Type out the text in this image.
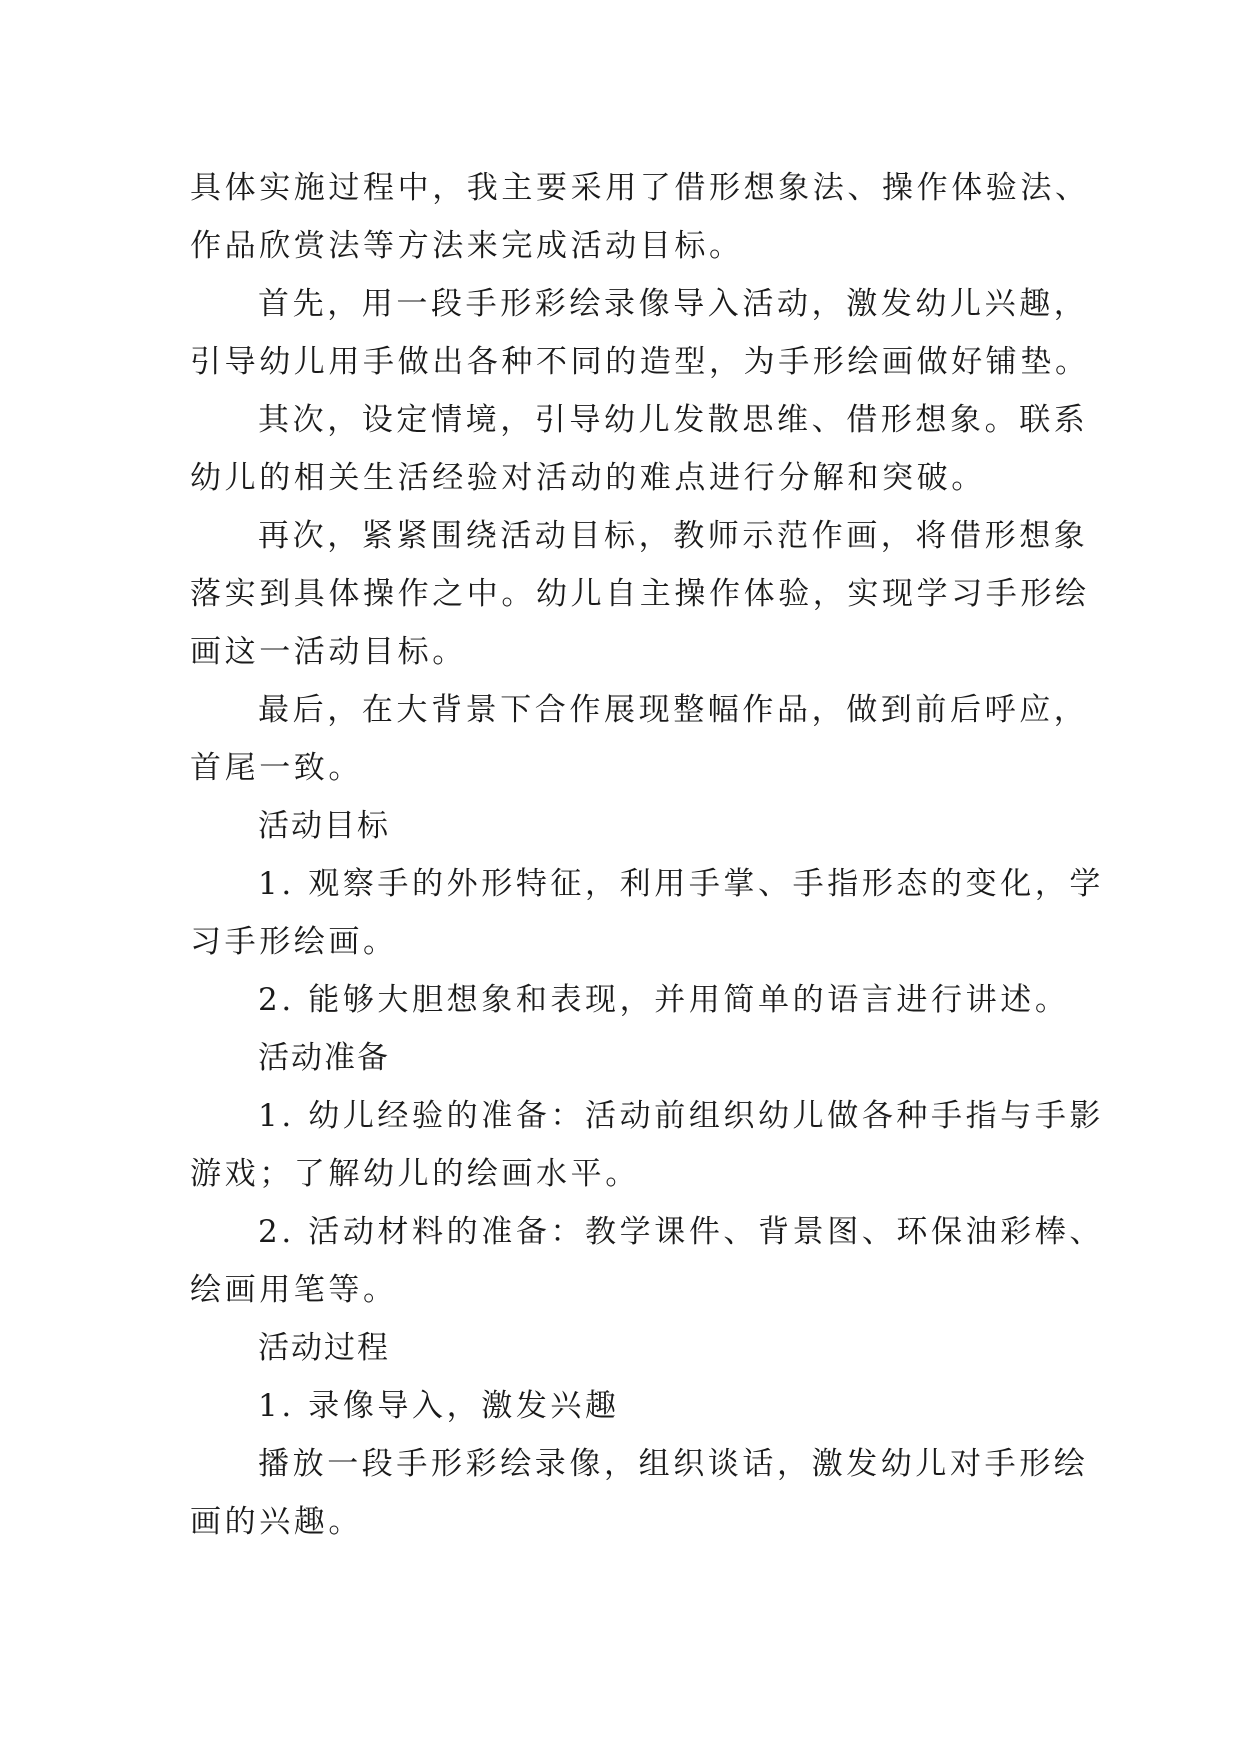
具体实施过程中，我主要采用了借形想象法、操作体验法、
作品欣赏法等方法来完成活动目标。
首先，用一段手形彩绘录像导入活动，激发幼儿兴趣，
引导幼儿用手做出各种不同的造型，为手形绘画做好铺垫。
其次，设定情境，引导幼儿发散思维、借形想象。联系
幼儿的相关生活经验对活动的难点进行分解和突破。
再次，紧紧围绕活动目标，教师示范作画，将借形想象
落实到具体操作之中。幼儿自主操作体验，实现学习手形绘
画这一活动目标。
最后，在大背景下合作展现整幅作品，做到前后呼应，
首尾一致。
活动目标
1. 观察手的外形特征，利用手掌、手指形态的变化，学
习手形绘画。
2. 能够大胆想象和表现，并用简单的语言进行讲述。
活动准备
1. 幼儿经验的准备：活动前组织幼儿做各种手指与手影
游戏；了解幼儿的绘画水平。
2. 活动材料的准备：教学课件、背景图、环保油彩棒、
绘画用笔等。
活动过程
1. 录像导入，激发兴趣
播放一段手形彩绘录像，组织谈话，激发幼儿对手形绘
画的兴趣。
